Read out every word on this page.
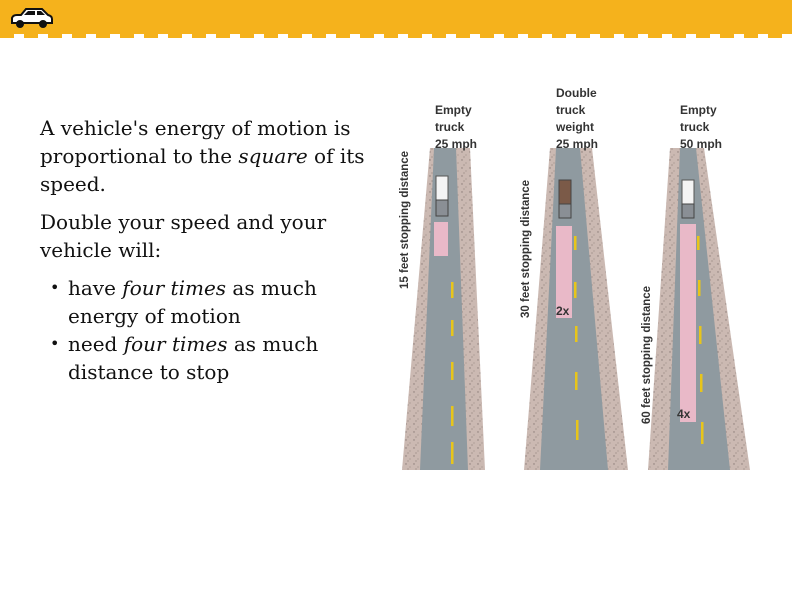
A vehicle's energy of motion is proportional to the square of its speed.

Double your speed and your vehicle will:

• have four times as much energy of motion
• need four times as much distance to stop
Empty
truck
25 mph
15 feet stopping distance
2x
Double
truck
weight
25 mph
30 feet stopping distance
4x
Empty
truck
50 mph
60 feet stopping distance
